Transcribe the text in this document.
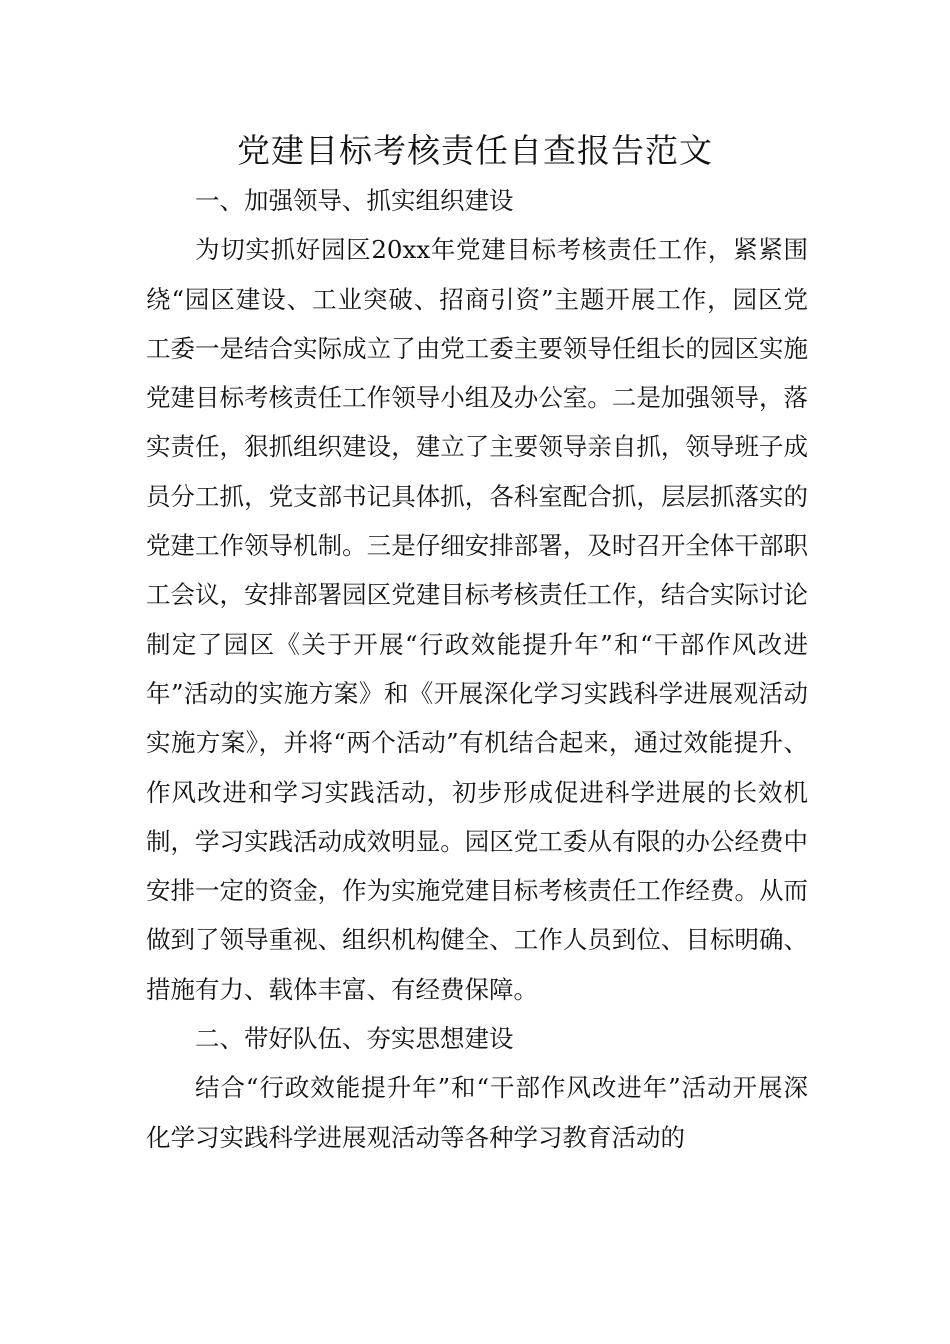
党建目标考核责任自查报告范文

一、加强领导、抓实组织建设

为切实抓好园区20xx年党建目标考核责任工作，紧紧围绕“园区建设、工业突破、招商引资”主题开展工作，园区党工委一是结合实际成立了由党工委主要领导任组长的园区实施党建目标考核责任工作领导小组及办公室。二是加强领导，落实责任，狠抓组织建设，建立了主要领导亲自抓，领导班子成员分工抓，党支部书记具体抓，各科室配合抓，层层抓落实的党建工作领导机制。三是仔细安排部署，及时召开全体干部职工会议，安排部署园区党建目标考核责任工作，结合实际讨论制定了园区《关于开展“行政效能提升年”和“干部作风改进年”活动的实施方案》和《开展深化学习实践科学进展观活动实施方案》，并将“两个活动”有机结合起来，通过效能提升、作风改进和学习实践活动，初步形成促进科学进展的长效机制，学习实践活动成效明显。园区党工委从有限的办公经费中安排一定的资金，作为实施党建目标考核责任工作经费。从而做到了领导重视、组织机构健全、工作人员到位、目标明确、措施有力、载体丰富、有经费保障。

二、带好队伍、夯实思想建设

结合“行政效能提升年”和“干部作风改进年”活动开展深化学习实践科学进展观活动等各种学习教育活动的
